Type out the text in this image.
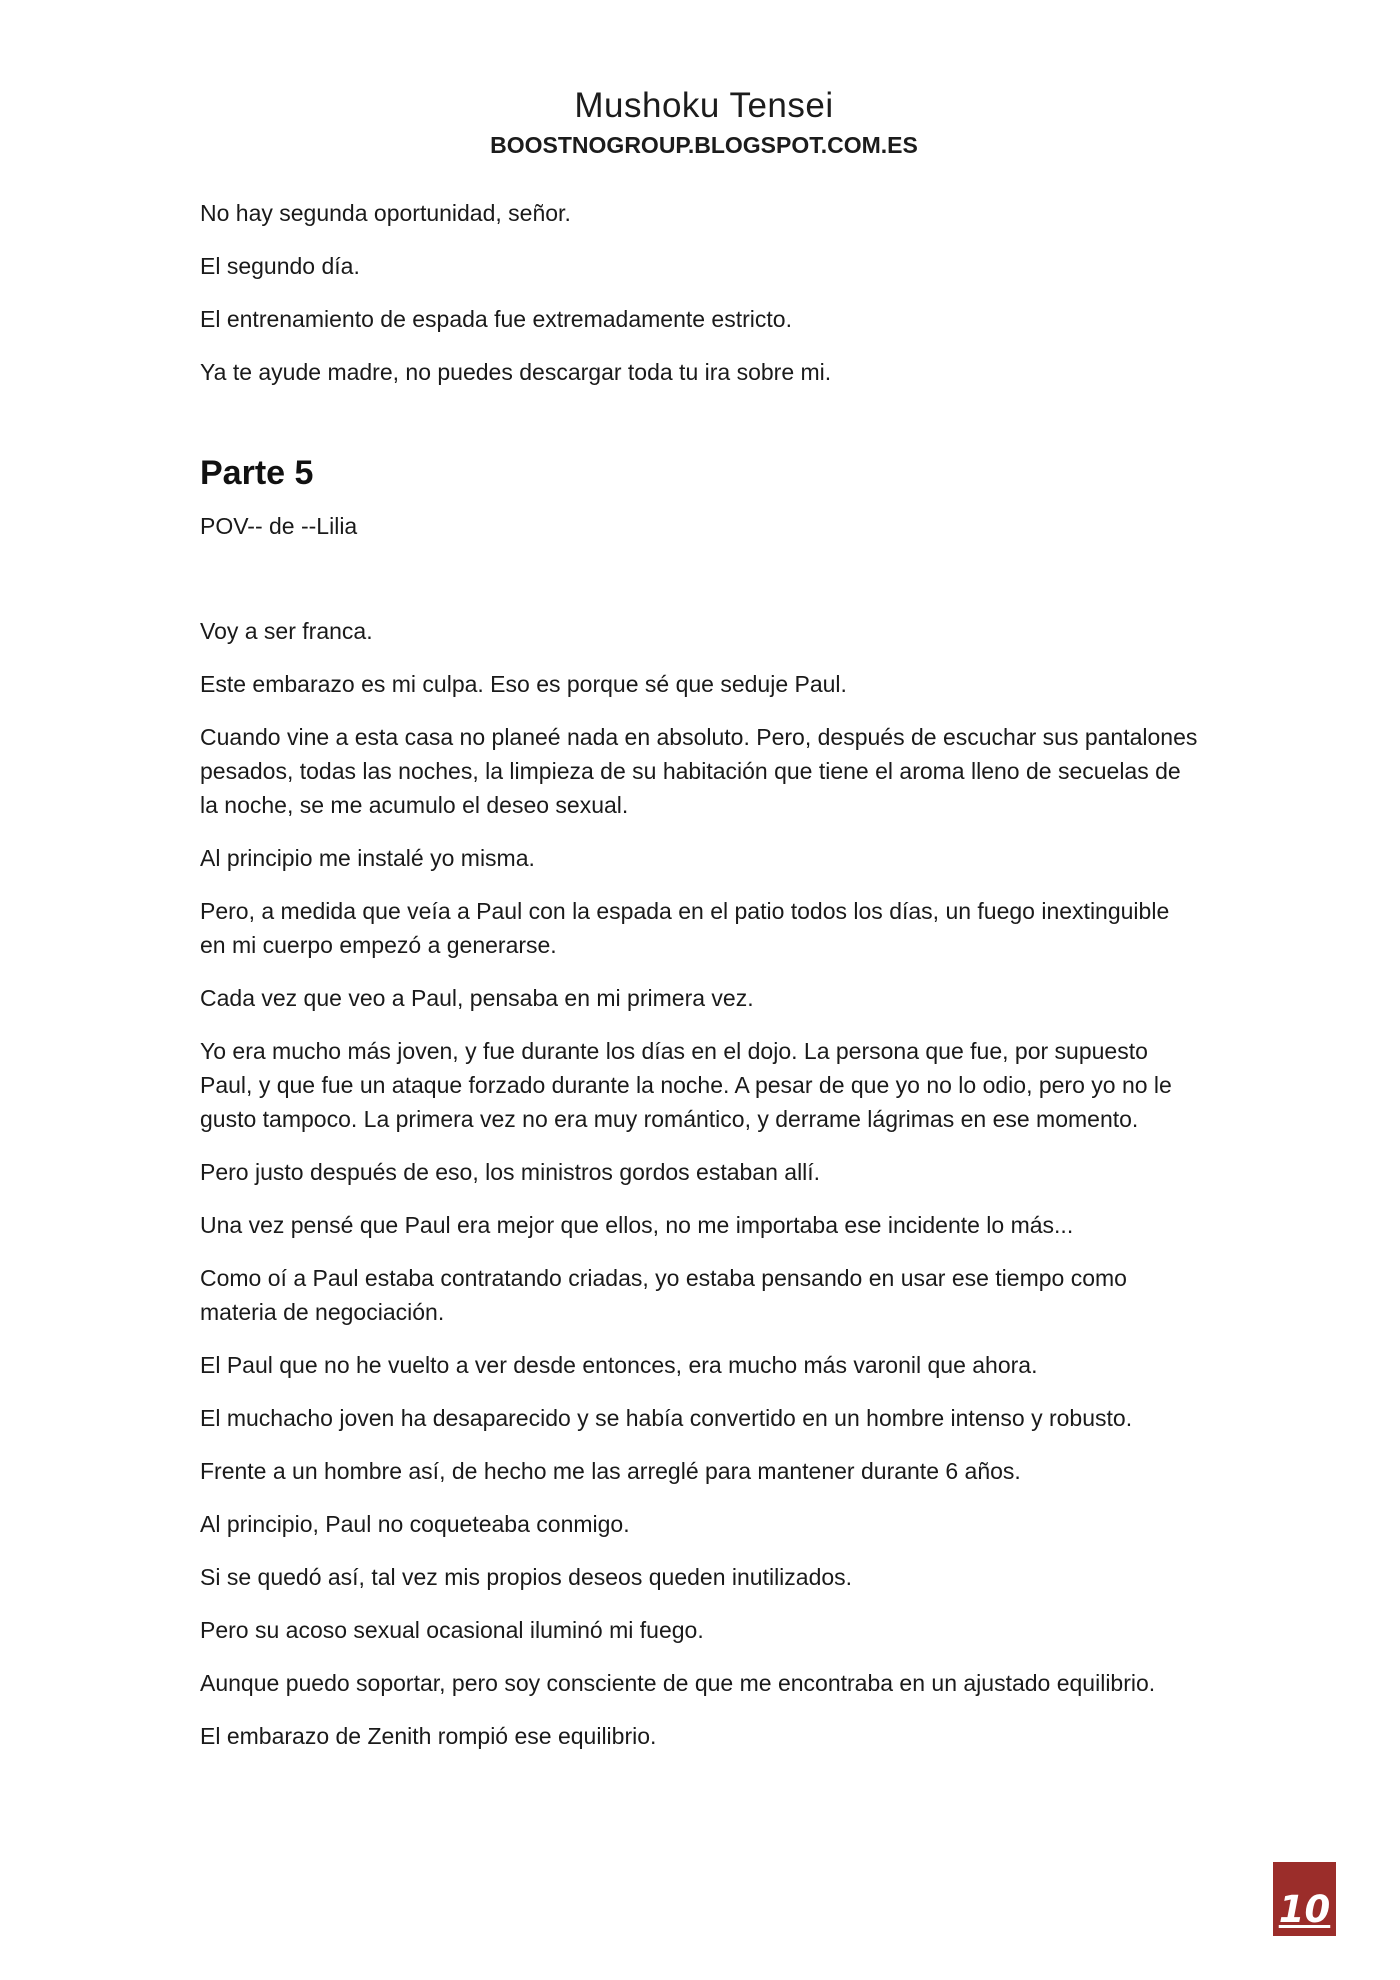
Mushoku Tensei
BOOSTNOGROUP.BLOGSPOT.COM.ES

No hay segunda oportunidad, señor.

El segundo día.

El entrenamiento de espada fue extremadamente estricto.

Ya te ayude madre, no puedes descargar toda tu ira sobre mi.

Parte 5

POV-- de --Lilia

Voy a ser franca.

Este embarazo es mi culpa. Eso es porque sé que seduje Paul.

Cuando vine a esta casa no planeé nada en absoluto. Pero, después de escuchar sus pantalones pesados, todas las noches, la limpieza de su habitación que tiene el aroma lleno de secuelas de la noche, se me acumulo el deseo sexual.

Al principio me instalé yo misma.

Pero, a medida que veía a Paul con la espada en el patio todos los días, un fuego inextinguible en mi cuerpo empezó a generarse.

Cada vez que veo a Paul, pensaba en mi primera vez.

Yo era mucho más joven, y fue durante los días en el dojo. La persona que fue, por supuesto Paul, y que fue un ataque forzado durante la noche. A pesar de que yo no lo odio, pero yo no le gusto tampoco. La primera vez no era muy romántico, y derrame lágrimas en ese momento.

Pero justo después de eso, los ministros gordos estaban allí.

Una vez pensé que Paul era mejor que ellos, no me importaba ese incidente lo más...

Como oí a Paul estaba contratando criadas, yo estaba pensando en usar ese tiempo como materia de negociación.

El Paul que no he vuelto a ver desde entonces, era mucho más varonil que ahora.

El muchacho joven ha desaparecido y se había convertido en un hombre intenso y robusto.

Frente a un hombre así, de hecho me las arreglé para mantener durante 6 años.

Al principio, Paul no coqueteaba conmigo.

Si se quedó así, tal vez mis propios deseos queden inutilizados.

Pero su acoso sexual ocasional iluminó mi fuego.

Aunque puedo soportar, pero soy consciente de que me encontraba en un ajustado equilibrio.

El embarazo de Zenith rompió ese equilibrio.

10
